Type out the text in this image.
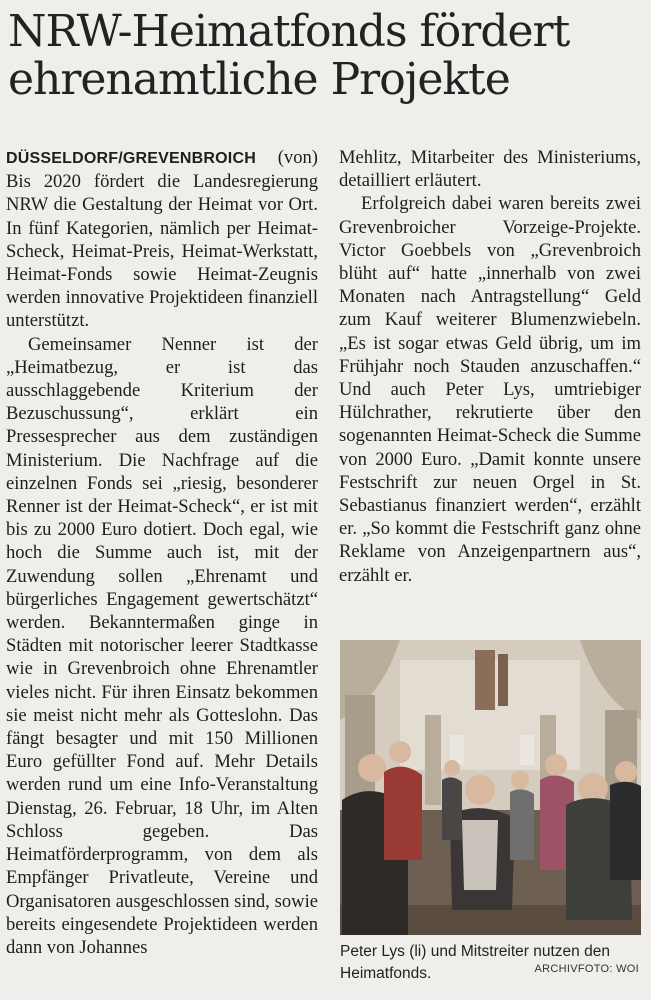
NRW-Heimatfonds fördert
ehrenamtliche Projekte

DÜSSELDORF/GREVENBROICH (von)

Bis 2020 fördert die Landesregierung NRW die Gestaltung der Heimat vor Ort. In fünf Kategorien, nämlich per Heimat-Scheck, Heimat-Preis, Heimat-Werkstatt, Heimat-Fonds sowie Heimat-Zeugnis werden innovative Projektideen finanziell unterstützt.

Gemeinsamer Nenner ist der „Heimatbezug, er ist das ausschlaggebende Kriterium der Bezuschussung“, erklärt ein Pressesprecher aus dem zuständigen Ministerium. Die Nachfrage auf die einzelnen Fonds sei „riesig, besonderer Renner ist der Heimat-Scheck“, er ist mit bis zu 2000 Euro dotiert. Doch egal, wie hoch die Summe auch ist, mit der Zuwendung sollen „Ehrenamt und bürgerliches Engagement gewertschätzt“ werden. Bekanntermaßen ginge in Städten mit notorischer leerer Stadtkasse wie in Grevenbroich ohne Ehrenamtler vieles nicht. Für ihren Einsatz bekommen sie meist nicht mehr als Gotteslohn. Das fängt besagter und mit 150 Millionen Euro gefüllter Fond auf. Mehr Details werden rund um eine Info-Veranstaltung Dienstag, 26. Februar, 18 Uhr, im Alten Schloss gegeben. Das Heimatförderprogramm, von dem als Empfänger Privatleute, Vereine und Organisatoren ausgeschlossen sind, sowie bereits eingesendete Projektideen werden dann von Johannes

Mehlitz, Mitarbeiter des Ministeriums, detailliert erläutert.

Erfolgreich dabei waren bereits zwei Grevenbroicher Vorzeige-Projekte. Victor Goebbels von „Grevenbroich blüht auf“ hatte „innerhalb von zwei Monaten nach Antragstellung“ Geld zum Kauf weiterer Blumenzwiebeln. „Es ist sogar etwas Geld übrig, um im Frühjahr noch Stauden anzuschaffen.“ Und auch Peter Lys, umtriebiger Hülchrather, rekrutierte über den sogenannten Heimat-Scheck die Summe von 2000 Euro. „Damit konnte unsere Festschrift zur neuen Orgel in St. Sebastianus finanziert werden“, erzählt er. „So kommt die Festschrift ganz ohne Reklame von Anzeigenpartnern aus“, erzählt er.

Peter Lys (li) und Mitstreiter nutzen den Heimatfonds.	ARCHIVFOTO: WOI
